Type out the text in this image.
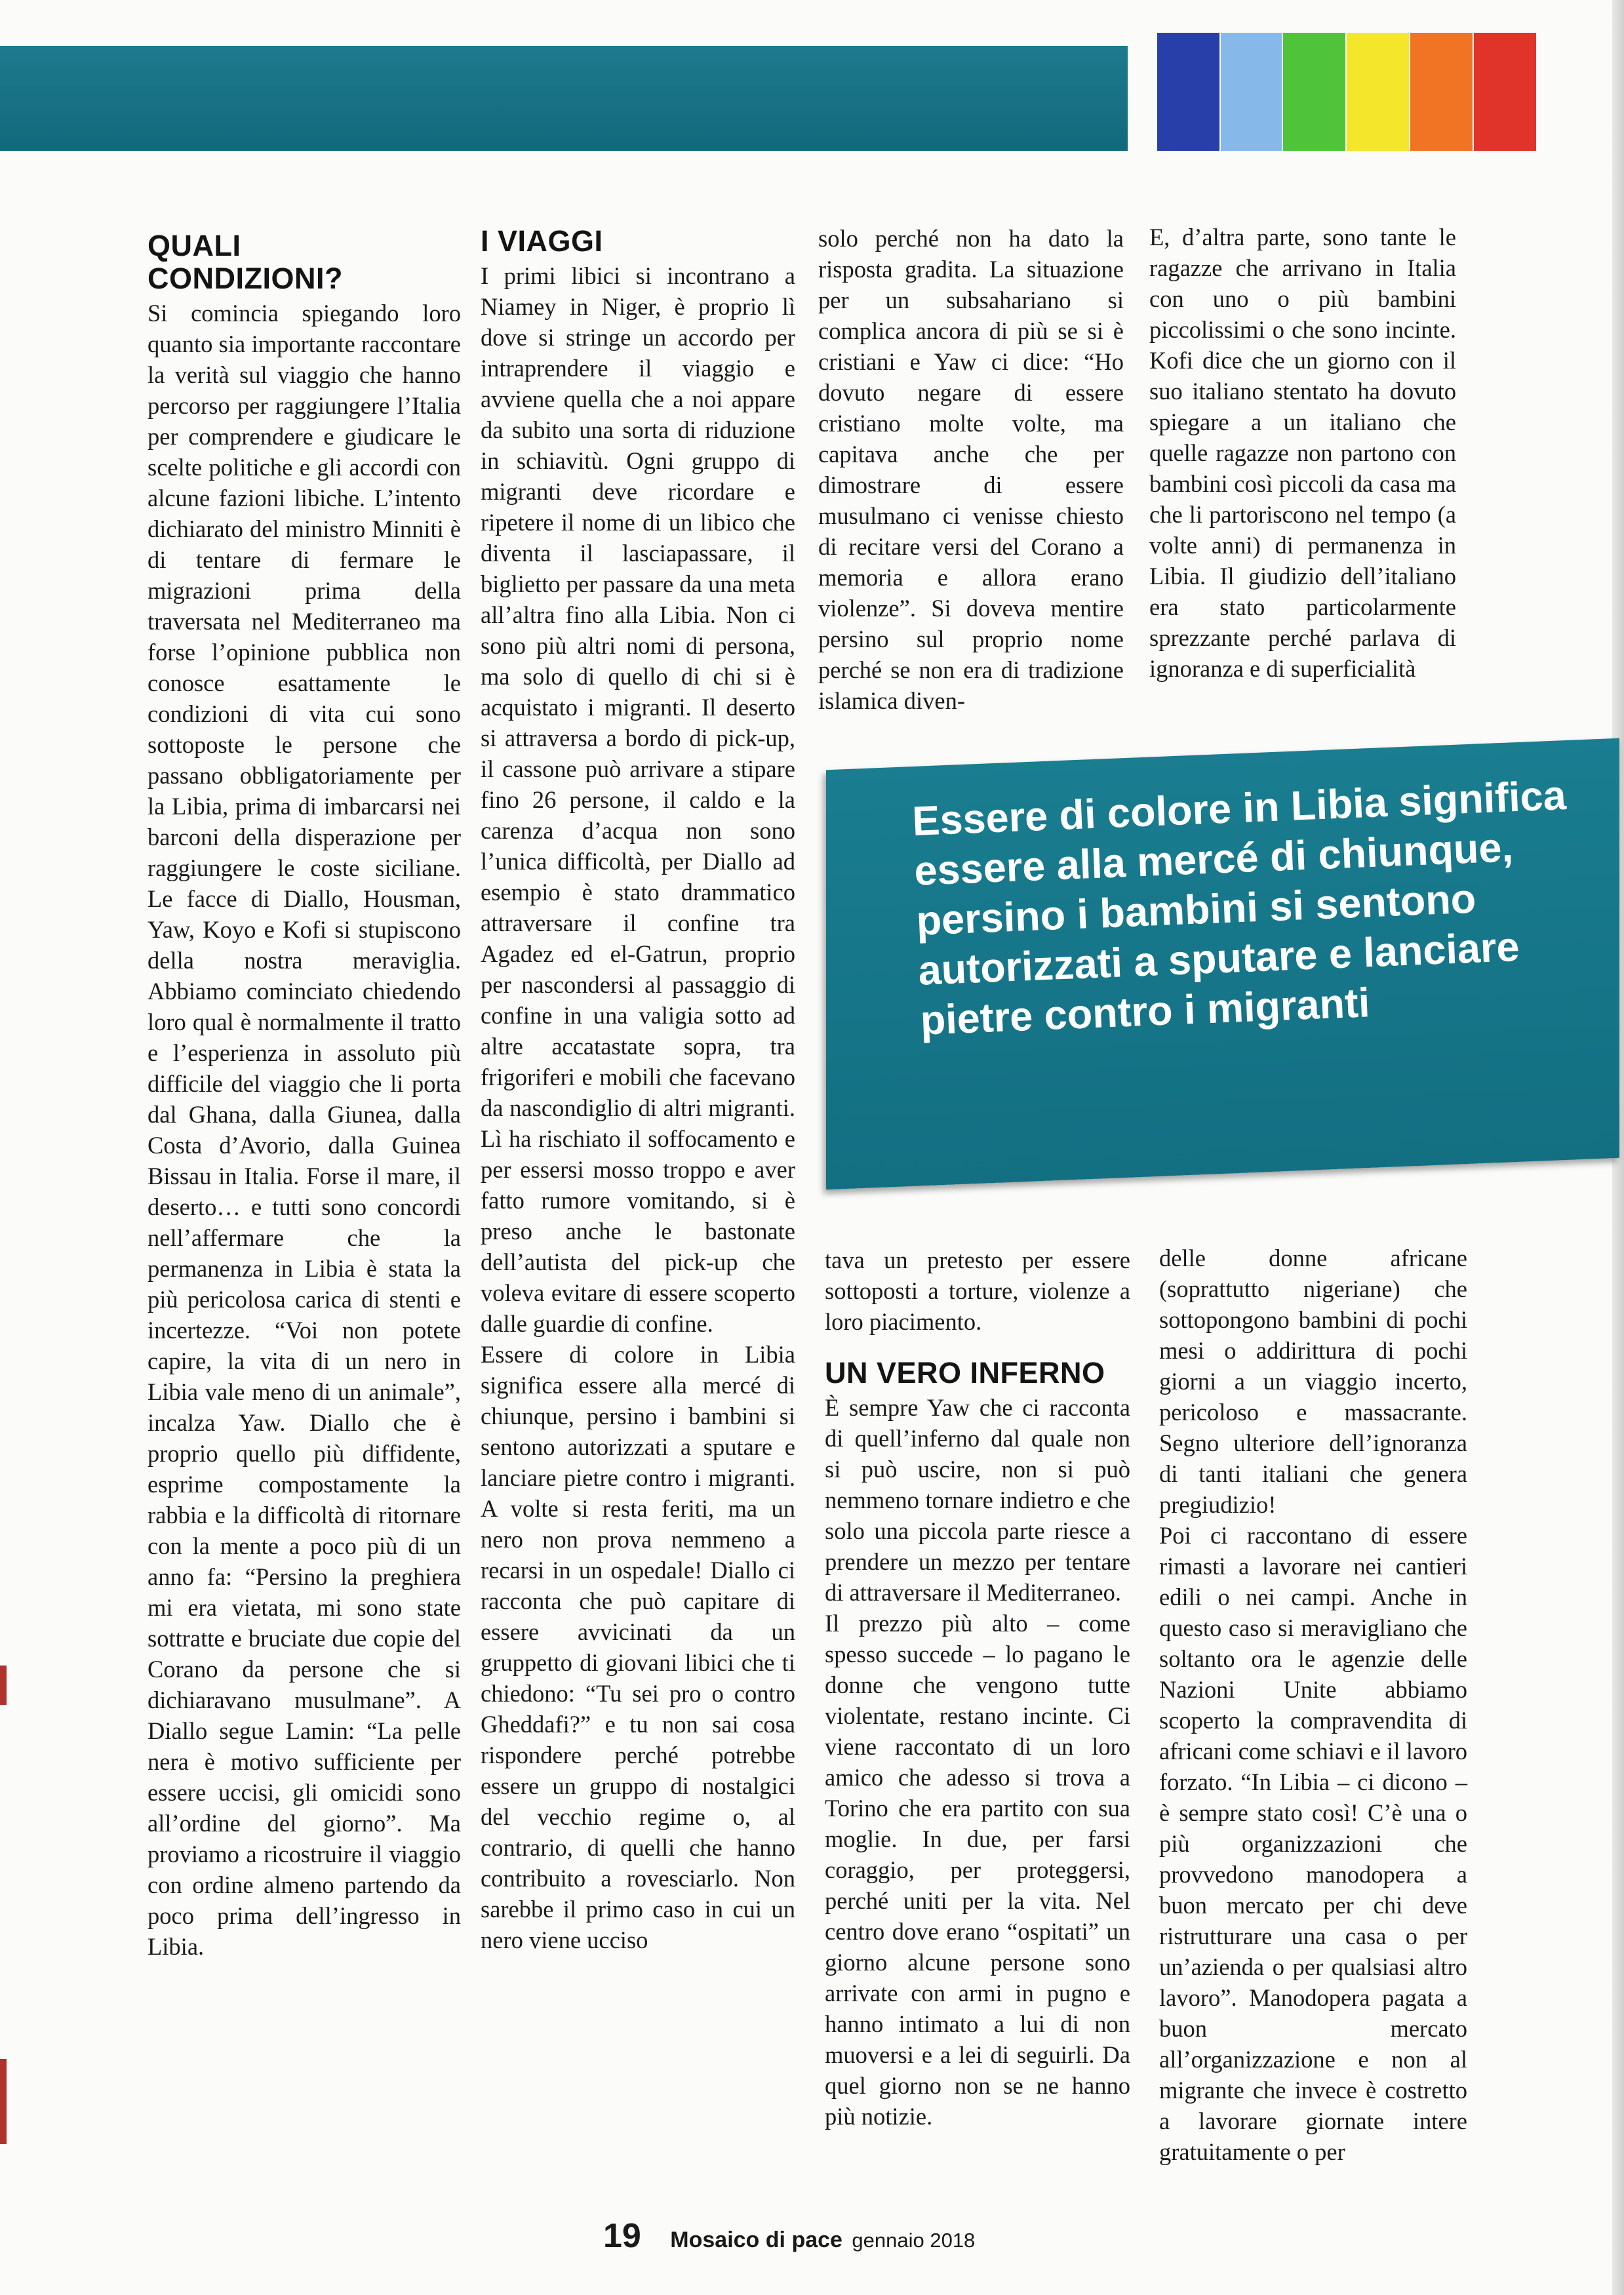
QUALI
CONDIZIONI?

Si comincia spiegando loro quanto sia importante raccontare la verità sul viaggio che hanno percorso per raggiungere l’Italia per comprendere e giudicare le scelte politiche e gli accordi con alcune fazioni libiche. L’intento dichiarato del ministro Minniti è di tentare di fermare le migrazioni prima della traversata nel Mediterraneo ma forse l’opinione pubblica non conosce esattamente le condizioni di vita cui sono sottoposte le persone che passano obbligatoriamente per la Libia, prima di imbarcarsi nei barconi della disperazione per raggiungere le coste siciliane. Le facce di Diallo, Housman, Yaw, Koyo e Kofi si stupiscono della nostra meraviglia. Abbiamo cominciato chiedendo loro qual è normalmente il tratto e l’esperienza in assoluto più difficile del viaggio che li porta dal Ghana, dalla Giunea, dalla Costa d’Avorio, dalla Guinea Bissau in Italia. Forse il mare, il deserto… e tutti sono concordi nell’affermare che la permanenza in Libia è stata la più pericolosa carica di stenti e incertezze. “Voi non potete capire, la vita di un nero in Libia vale meno di un animale”, incalza Yaw. Diallo che è proprio quello più diffidente, esprime compostamente la rabbia e la difficoltà di ritornare con la mente a poco più di un anno fa: “Persino la preghiera mi era vietata, mi sono state sottratte e bruciate due copie del Corano da persone che si dichiaravano musulmane”. A Diallo segue Lamin: “La pelle nera è motivo sufficiente per essere uccisi, gli omicidi sono all’ordine del giorno”. Ma proviamo a ricostruire il viaggio con ordine almeno partendo da poco prima dell’ingresso in Libia.

I VIAGGI

I primi libici si incontrano a Niamey in Niger, è proprio lì dove si stringe un accordo per intraprendere il viaggio e avviene quella che a noi appare da subito una sorta di riduzione in schiavitù. Ogni gruppo di migranti deve ricordare e ripetere il nome di un libico che diventa il lasciapassare, il biglietto per passare da una meta all’altra fino alla Libia. Non ci sono più altri nomi di persona, ma solo di quello di chi si è acquistato i migranti. Il deserto si attraversa a bordo di pick-up, il cassone può arrivare a stipare fino 26 persone, il caldo e la carenza d’acqua non sono l’unica difficoltà, per Diallo ad esempio è stato drammatico attraversare il confine tra Agadez ed el-Gatrun, proprio per nascondersi al passaggio di confine in una valigia sotto ad altre accatastate sopra, tra frigoriferi e mobili che facevano da nascondiglio di altri migranti. Lì ha rischiato il soffocamento e per essersi mosso troppo e aver fatto rumore vomitando, si è preso anche le bastonate dell’autista del pick-up che voleva evitare di essere scoperto dalle guardie di confine.

Essere di colore in Libia significa essere alla mercé di chiunque, persino i bambini si sentono autorizzati a sputare e lanciare pietre contro i migranti. A volte si resta feriti, ma un nero non prova nemmeno a recarsi in un ospedale! Diallo ci racconta che può capitare di essere avvicinati da un gruppetto di giovani libici che ti chiedono: “Tu sei pro o contro Gheddafi?” e tu non sai cosa rispondere perché potrebbe essere un gruppo di nostalgici del vecchio regime o, al contrario, di quelli che hanno contribuito a rovesciarlo. Non sarebbe il primo caso in cui un nero viene ucciso

solo perché non ha dato la risposta gradita. La situazione per un subsahariano si complica ancora di più se si è cristiani e Yaw ci dice: “Ho dovuto negare di essere cristiano molte volte, ma capitava anche che per dimostrare di essere musulmano ci venisse chiesto di recitare versi del Corano a memoria e allora erano violenze”. Si doveva mentire persino sul proprio nome perché se non era di tradizione islamica diven-

E, d’altra parte, sono tante le ragazze che arrivano in Italia con uno o più bambini piccolissimi o che sono incinte. Kofi dice che un giorno con il suo italiano stentato ha dovuto spiegare a un italiano che quelle ragazze non partono con bambini così piccoli da casa ma che li partoriscono nel tempo (a volte anni) di permanenza in Libia. Il giudizio dell’italiano era stato particolarmente sprezzante perché parlava di ignoranza e di superficialità

Essere di colore in Libia significa essere alla mercé di chiunque, persino i bambini si sentono autorizzati a sputare e lanciare pietre contro i migranti

tava un pretesto per essere sottoposti a torture, violenze a loro piacimento.

UN VERO INFERNO

È sempre Yaw che ci racconta di quell’inferno dal quale non si può uscire, non si può nemmeno tornare indietro e che solo una piccola parte riesce a prendere un mezzo per tentare di attraversare il Mediterraneo.

Il prezzo più alto – come spesso succede – lo pagano le donne che vengono tutte violentate, restano incinte. Ci viene raccontato di un loro amico che adesso si trova a Torino che era partito con sua moglie. In due, per farsi coraggio, per proteggersi, perché uniti per la vita. Nel centro dove erano “ospitati” un giorno alcune persone sono arrivate con armi in pugno e hanno intimato a lui di non muoversi e a lei di seguirli. Da quel giorno non se ne hanno più notizie.

delle donne africane (soprattutto nigeriane) che sottopongono bambini di pochi mesi o addirittura di pochi giorni a un viaggio incerto, pericoloso e massacrante. Segno ulteriore dell’ignoranza di tanti italiani che genera pregiudizio!

Poi ci raccontano di essere rimasti a lavorare nei cantieri edili o nei campi. Anche in questo caso si meravigliano che soltanto ora le agenzie delle Nazioni Unite abbiamo scoperto la compravendita di africani come schiavi e il lavoro forzato. “In Libia – ci dicono – è sempre stato così! C’è una o più organizzazioni che provvedono manodopera a buon mercato per chi deve ristrutturare una casa o per un’azienda o per qualsiasi altro lavoro”. Manodopera pagata a buon mercato all’organizzazione e non al migrante che invece è costretto a lavorare giornate intere gratuitamente o per

19 Mosaico di pace gennaio 2018
